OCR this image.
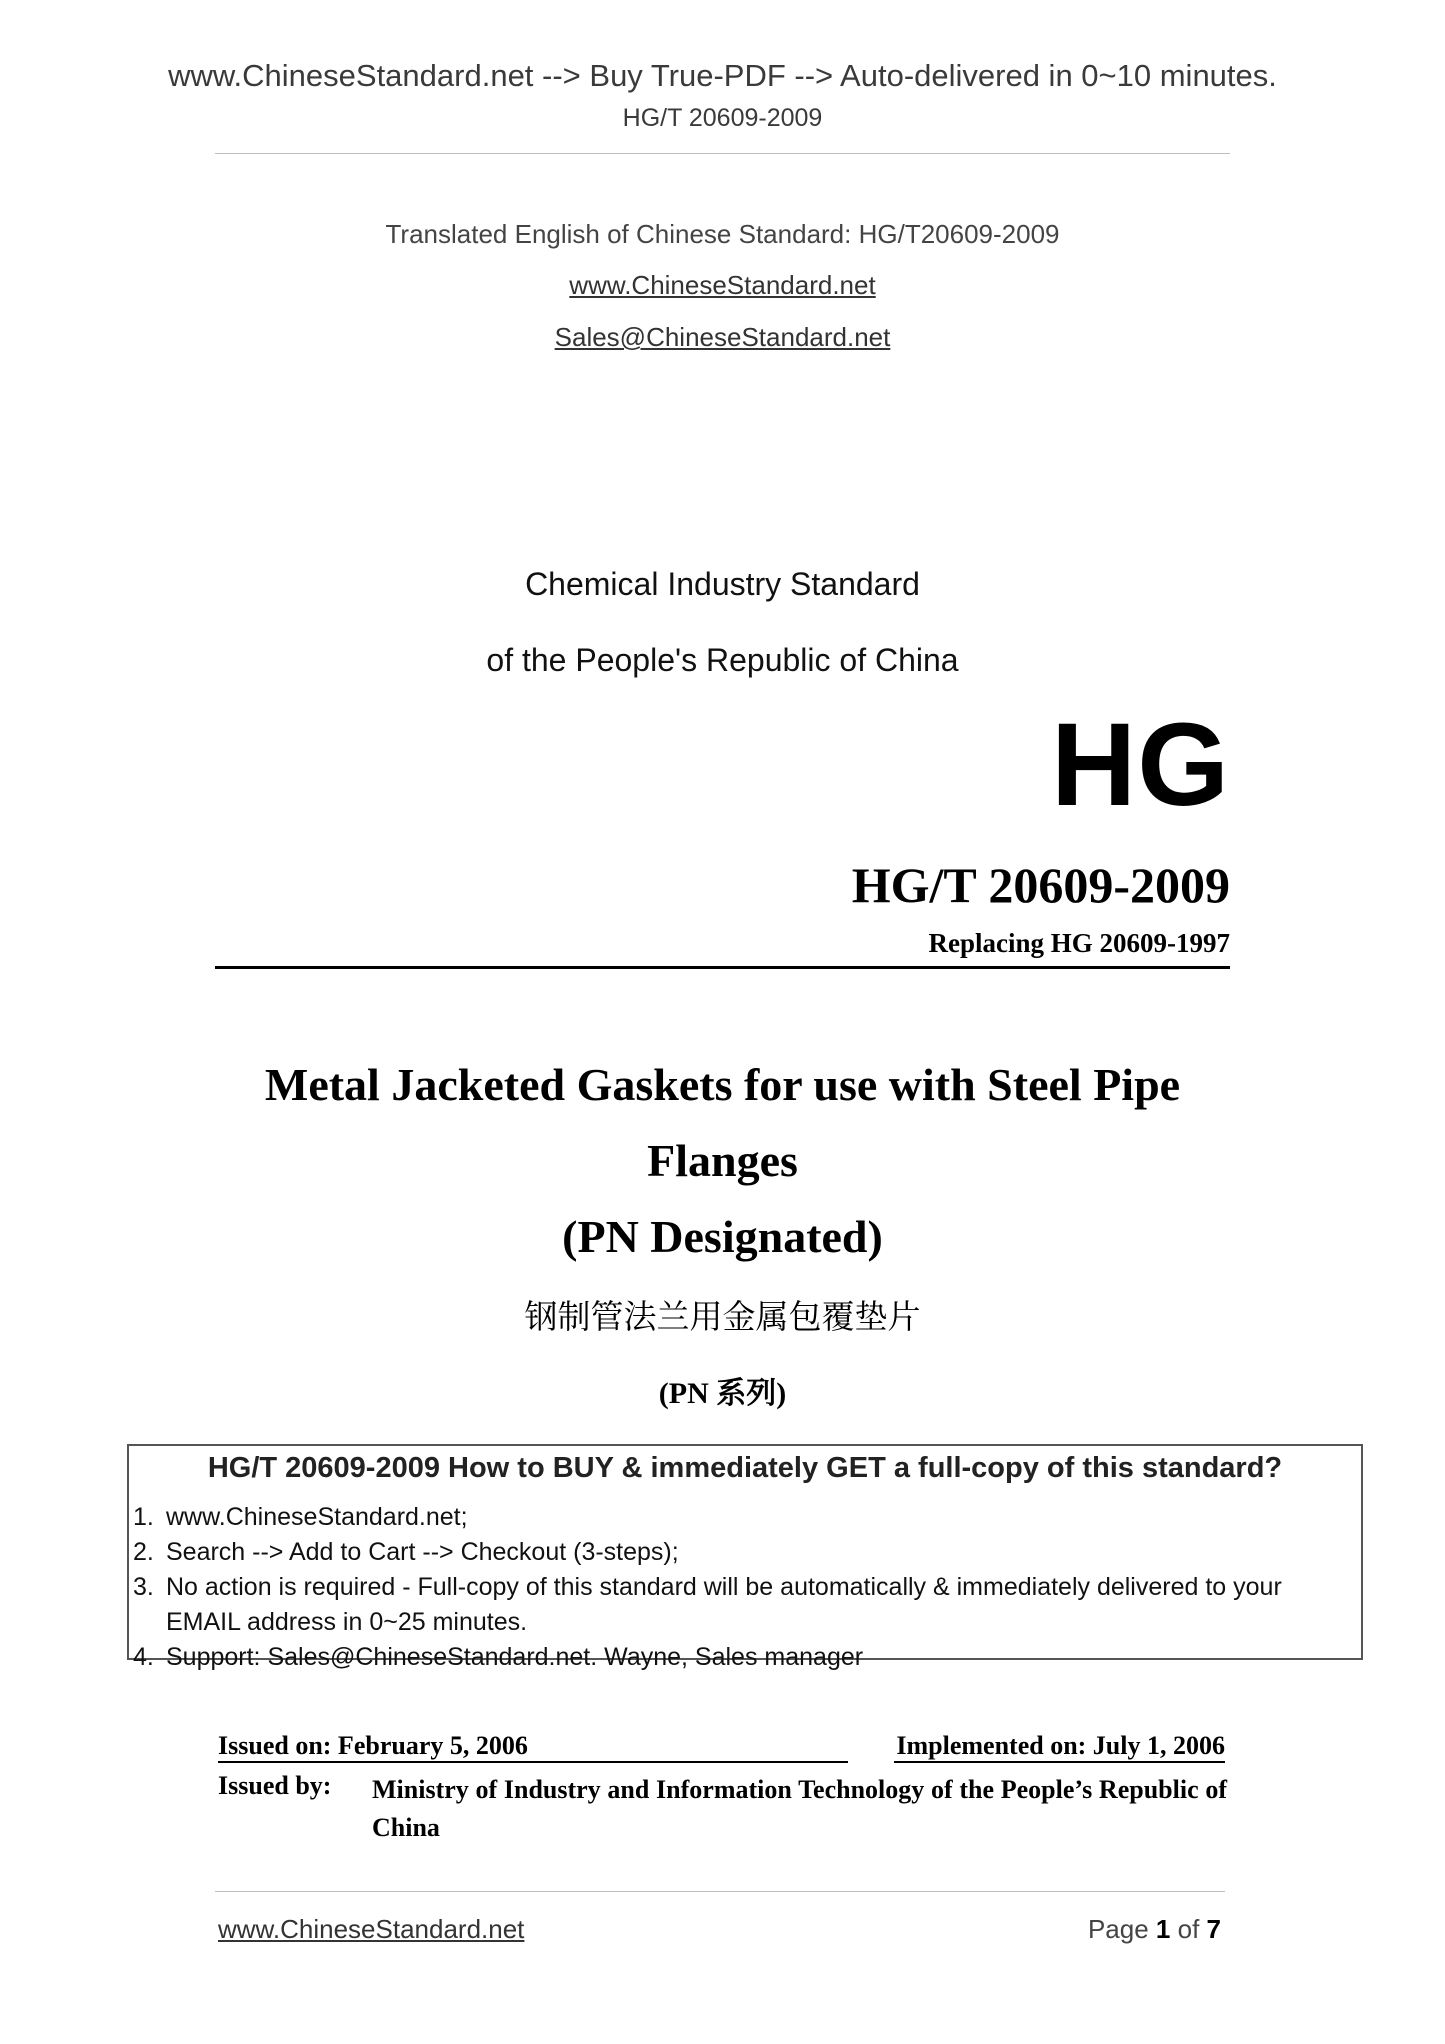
www.ChineseStandard.net --> Buy True-PDF --> Auto-delivered in 0~10 minutes.
HG/T 20609-2009
Translated English of Chinese Standard: HG/T20609-2009
www.ChineseStandard.net
Sales@ChineseStandard.net
Chemical Industry Standard
of the People's Republic of China
HG
HG/T 20609-2009
Replacing HG 20609-1997
Metal Jacketed Gaskets for use with Steel Pipe
Flanges
(PN Designated)
钢制管法兰用金属包覆垫片
(PN 系列)
HG/T 20609-2009 How to BUY & immediately GET a full-copy of this standard?
1. www.ChineseStandard.net;
2. Search --> Add to Cart --> Checkout (3-steps);
3. No action is required - Full-copy of this standard will be automatically & immediately delivered to your EMAIL address in 0~25 minutes.
4. Support: Sales@ChineseStandard.net. Wayne, Sales manager
Issued on: February 5, 2006	Implemented on: July 1, 2006
Issued by: Ministry of Industry and Information Technology of the People’s Republic of China
www.ChineseStandard.net	Page 1 of 7
